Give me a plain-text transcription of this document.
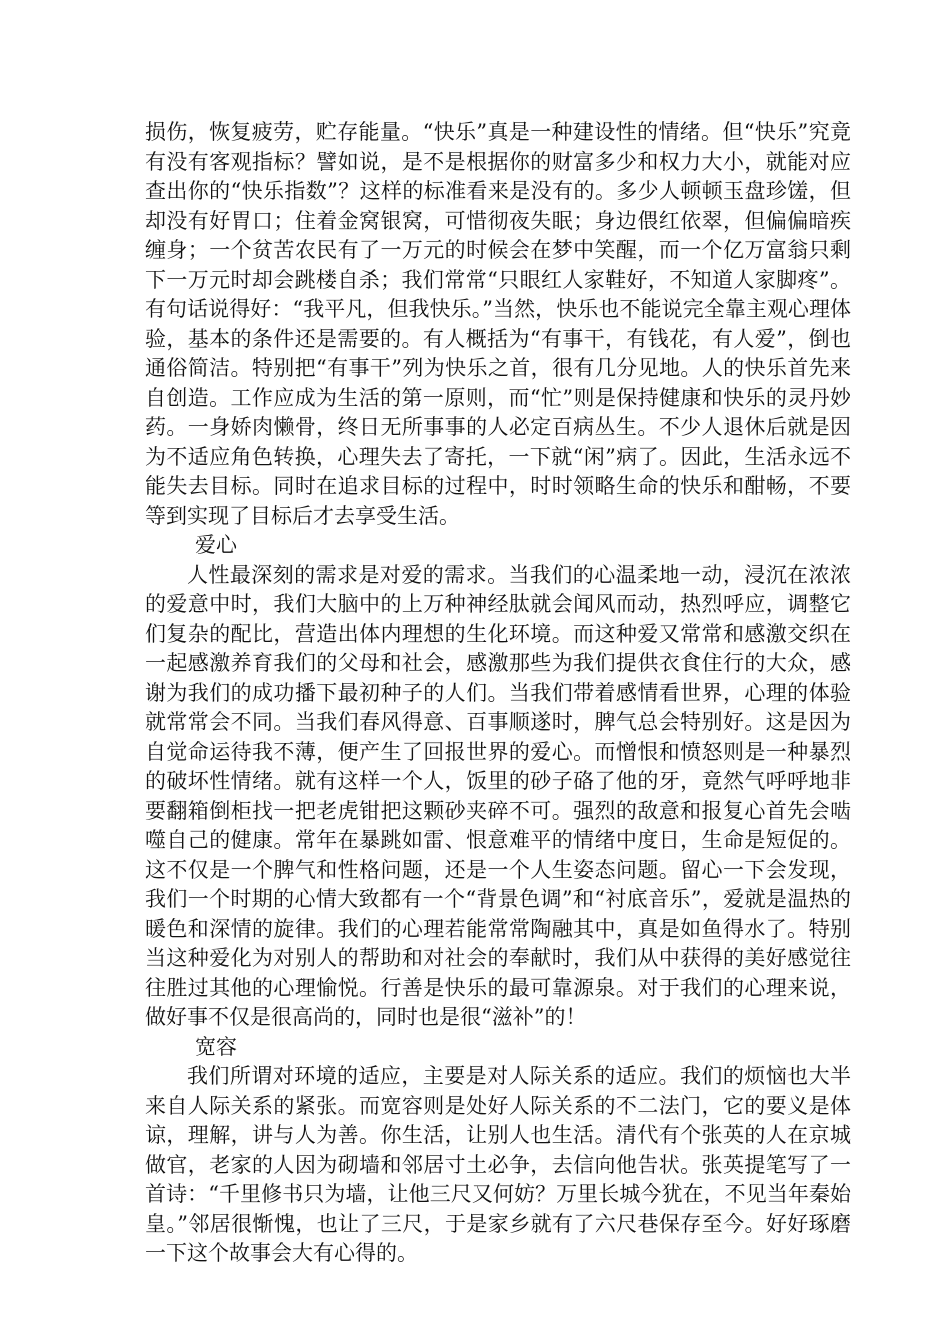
损伤，恢复疲劳，贮存能量。“快乐”真是一种建设性的情绪。但“快乐”究竟有没有客观指标？譬如说，是不是根据你的财富多少和权力大小，就能对应查出你的“快乐指数”？这样的标准看来是没有的。多少人顿顿玉盘珍馐，但却没有好胃口；住着金窝银窝，可惜彻夜失眠；身边偎红依翠，但偏偏暗疾缠身；一个贫苦农民有了一万元的时候会在梦中笑醒，而一个亿万富翁只剩下一万元时却会跳楼自杀；我们常常“只眼红人家鞋好，不知道人家脚疼”。有句话说得好：“我平凡，但我快乐。”当然，快乐也不能说完全靠主观心理体验，基本的条件还是需要的。有人概括为“有事干，有钱花，有人爱”，倒也通俗简洁。特别把“有事干”列为快乐之首，很有几分见地。人的快乐首先来自创造。工作应成为生活的第一原则，而“忙”则是保持健康和快乐的灵丹妙药。一身娇肉懒骨，终日无所事事的人必定百病丛生。不少人退休后就是因为不适应角色转换，心理失去了寄托，一下就“闲”病了。因此，生活永远不能失去目标。同时在追求目标的过程中，时时领略生命的快乐和酣畅，不要等到实现了目标后才去享受生活。

爱心

人性最深刻的需求是对爱的需求。当我们的心温柔地一动，浸沉在浓浓的爱意中时，我们大脑中的上万种神经肽就会闻风而动，热烈呼应，调整它们复杂的配比，营造出体内理想的生化环境。而这种爱又常常和感激交织在一起感激养育我们的父母和社会，感激那些为我们提供衣食住行的大众，感谢为我们的成功播下最初种子的人们。当我们带着感情看世界，心理的体验就常常会不同。当我们春风得意、百事顺遂时，脾气总会特别好。这是因为自觉命运待我不薄，便产生了回报世界的爱心。而憎恨和愤怒则是一种暴烈的破坏性情绪。就有这样一个人，饭里的砂子硌了他的牙，竟然气呼呼地非要翻箱倒柜找一把老虎钳把这颗砂夹碎不可。强烈的敌意和报复心首先会啮噬自己的健康。常年在暴跳如雷、恨意难平的情绪中度日，生命是短促的。这不仅是一个脾气和性格问题，还是一个人生姿态问题。留心一下会发现，我们一个时期的心情大致都有一个“背景色调”和“衬底音乐”，爱就是温热的暖色和深情的旋律。我们的心理若能常常陶融其中，真是如鱼得水了。特别当这种爱化为对别人的帮助和对社会的奉献时，我们从中获得的美好感觉往往胜过其他的心理愉悦。行善是快乐的最可靠源泉。对于我们的心理来说，做好事不仅是很高尚的，同时也是很“滋补”的！

宽容

我们所谓对环境的适应，主要是对人际关系的适应。我们的烦恼也大半来自人际关系的紧张。而宽容则是处好人际关系的不二法门，它的要义是体谅，理解，讲与人为善。你生活，让别人也生活。清代有个张英的人在京城做官，老家的人因为砌墙和邻居寸土必争，去信向他告状。张英提笔写了一首诗：“千里修书只为墙，让他三尺又何妨？万里长城今犹在，不见当年秦始皇。”邻居很惭愧，也让了三尺，于是家乡就有了六尺巷保存至今。好好琢磨一下这个故事会大有心得的。
